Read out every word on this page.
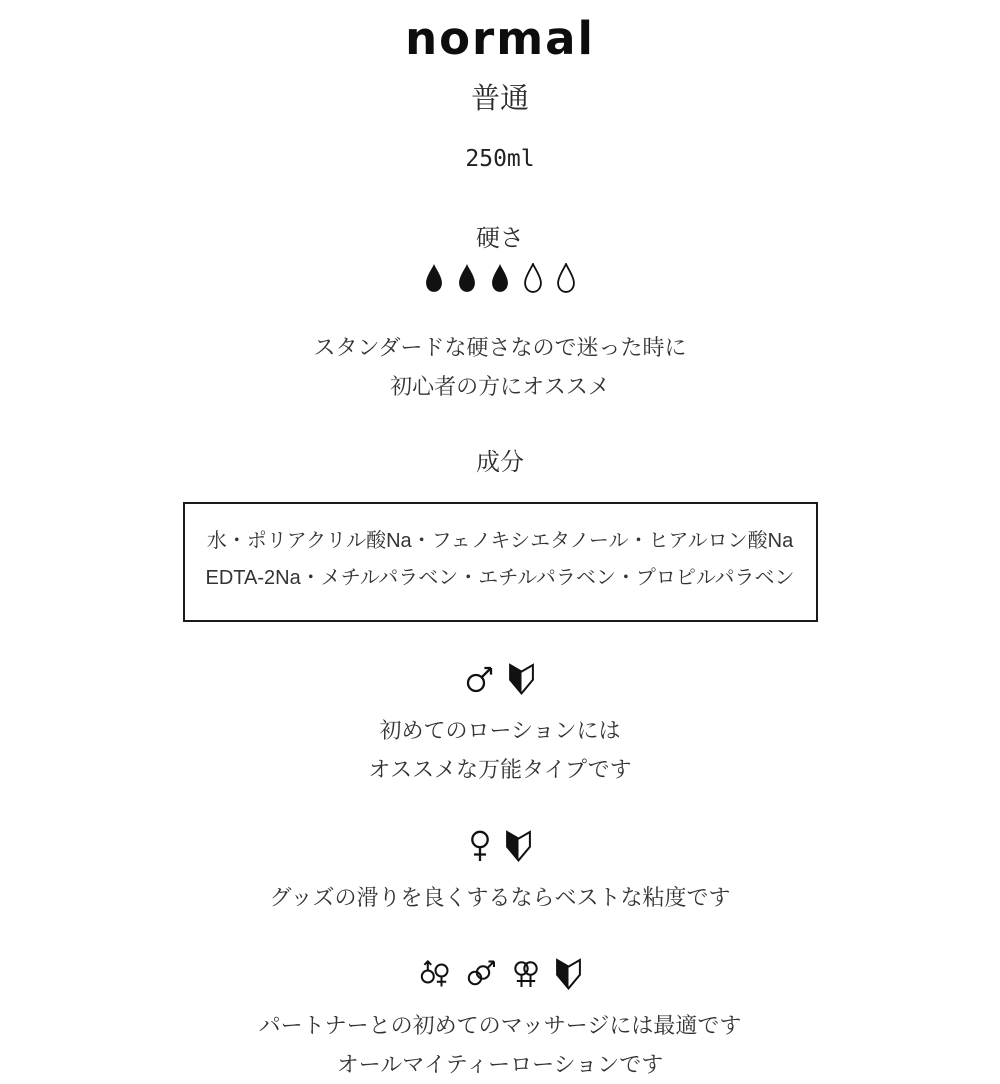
normal
普通
250ml
硬さ
スタンダードな硬さなので迷った時に
初心者の方にオススメ
成分
水・ポリアクリル酸Na・フェノキシエタノール・ヒアルロン酸Na
EDTA-2Na・メチルパラベン・エチルパラベン・プロピルパラベン
初めてのローションには
オススメな万能タイプです
グッズの滑りを良くするならベストな粘度です
パートナーとの初めてのマッサージには最適です
オールマイティーローションです
